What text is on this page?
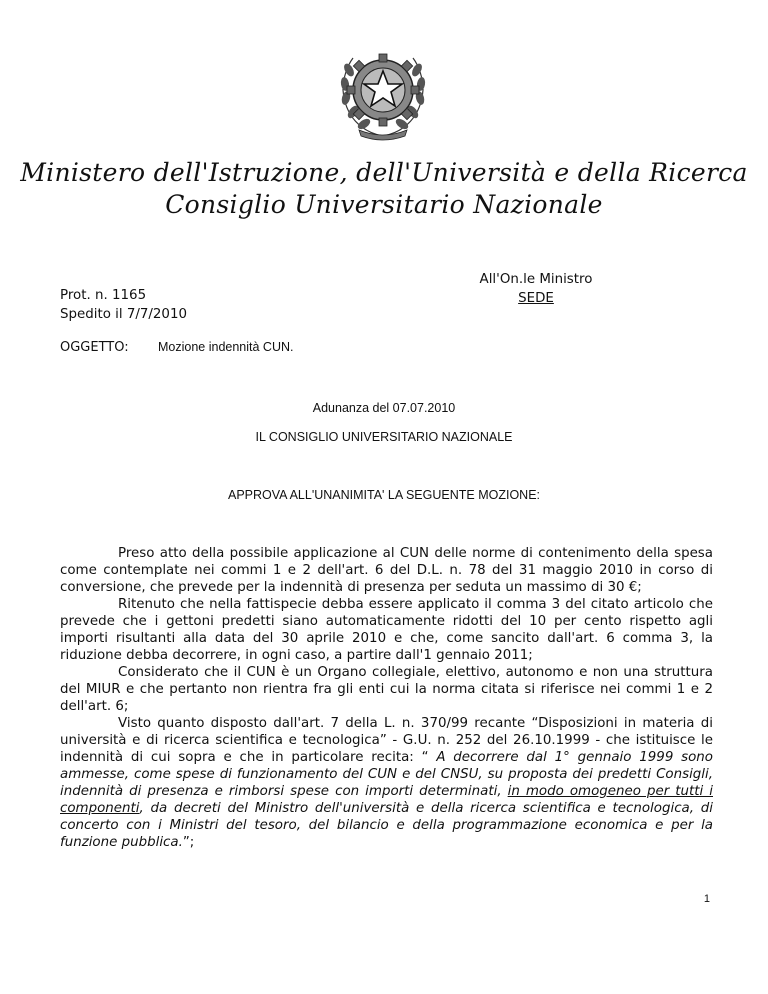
Ministero dell'Istruzione, dell'Università e della Ricerca
Consiglio Universitario Nazionale
All'On.le Ministro
SEDE
Prot. n. 1165
Spedito il 7/7/2010
OGGETTO: Mozione indennità CUN.
Adunanza del 07.07.2010
IL CONSIGLIO UNIVERSITARIO NAZIONALE
APPROVA ALL'UNANIMITA' LA SEGUENTE MOZIONE:

Preso atto della possibile applicazione al CUN delle norme di contenimento della spesa come contemplate nei commi 1 e 2 dell'art. 6 del D.L. n. 78 del 31 maggio 2010 in corso di conversione, che prevede per la indennità di presenza per seduta un massimo di 30 €;

Ritenuto che nella fattispecie debba essere applicato il comma 3 del citato articolo che prevede che i gettoni predetti siano automaticamente ridotti del 10 per cento rispetto agli importi risultanti alla data del 30 aprile 2010 e che, come sancito dall'art. 6 comma 3, la riduzione debba decorrere, in ogni caso, a partire dall'1 gennaio 2011;

Considerato che il CUN è un Organo collegiale, elettivo, autonomo e non una struttura del MIUR e che pertanto non rientra fra gli enti cui la norma citata si riferisce nei commi 1 e 2 dell'art. 6;

Visto quanto disposto dall'art. 7 della L. n. 370/99 recante “Disposizioni in materia di università e di ricerca scientifica e tecnologica” - G.U. n. 252 del 26.10.1999 - che istituisce le indennità di cui sopra e che in particolare recita: “ A decorrere dal 1° gennaio 1999 sono ammesse, come spese di funzionamento del CUN e del CNSU, su proposta dei predetti Consigli, indennità di presenza e rimborsi spese con importi determinati, in modo omogeneo per tutti i componenti, da decreti del Ministro dell'università e della ricerca scientifica e tecnologica, di concerto con i Ministri del tesoro, del bilancio e della programmazione economica e per la funzione pubblica.”;

1
